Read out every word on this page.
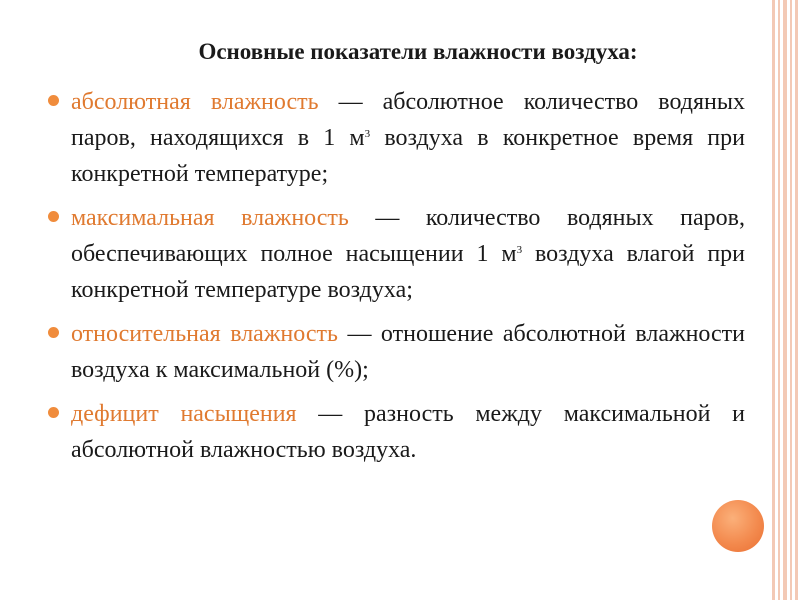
Основные показатели влажности воздуха:
абсолютная влажность — абсолютное количество водяных паров, находящихся в 1 $м^3$ воздуха в конкретное время при конкретной температуре;
максимальная влажность — количество водяных паров, обеспечивающих полное насыщении 1 $м^3$ воздуха влагой при конкретной температуре воздуха;
относительная влажность — отношение абсолютной влажности воздуха к максимальной (%);
дефицит насыщения — разность между максимальной и абсолютной влажностью воздуха.
